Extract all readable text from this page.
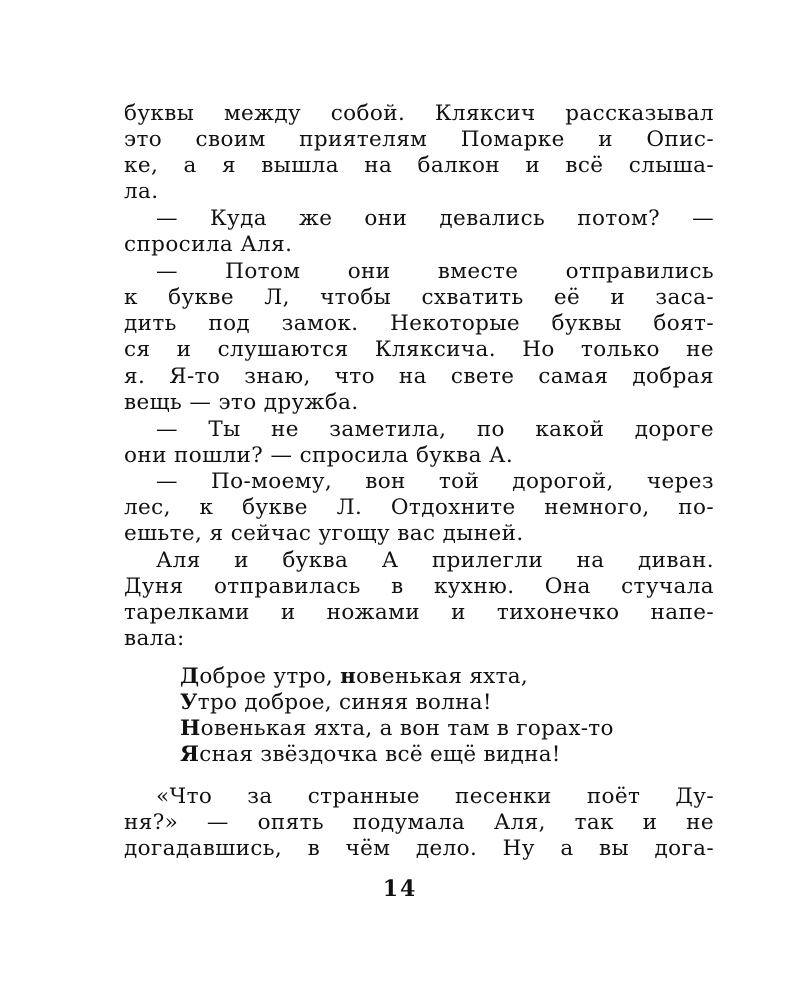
буквы между собой. Кляксич рассказывал
это своим приятелям Помарке и Опис-
ке, а я вышла на балкон и всё слыша-
ла.
— Куда же они девались потом? —
спросила Аля.
— Потом они вместе отправились
к букве Л, чтобы схватить её и заса-
дить под замок. Некоторые буквы боят-
ся и слушаются Кляксича. Но только не
я. Я-то знаю, что на свете самая добрая
вещь — это дружба.
— Ты не заметила, по какой дороге
они пошли? — спросила буква А.
— По-моему, вон той дорогой, через
лес, к букве Л. Отдохните немного, по-
ешьте, я сейчас угощу вас дыней.
Аля и буква А прилегли на диван.
Дуня отправилась в кухню. Она стучала
тарелками и ножами и тихонечко напе-
вала:
Доброе утро, новенькая яхта,
Утро доброе, синяя волна!
Новенькая яхта, а вон там в горах-то
Ясная звёздочка всё ещё видна!
«Что за странные песенки поёт Ду-
ня?» — опять подумала Аля, так и не
догадавшись, в чём дело. Ну а вы дога-
14
